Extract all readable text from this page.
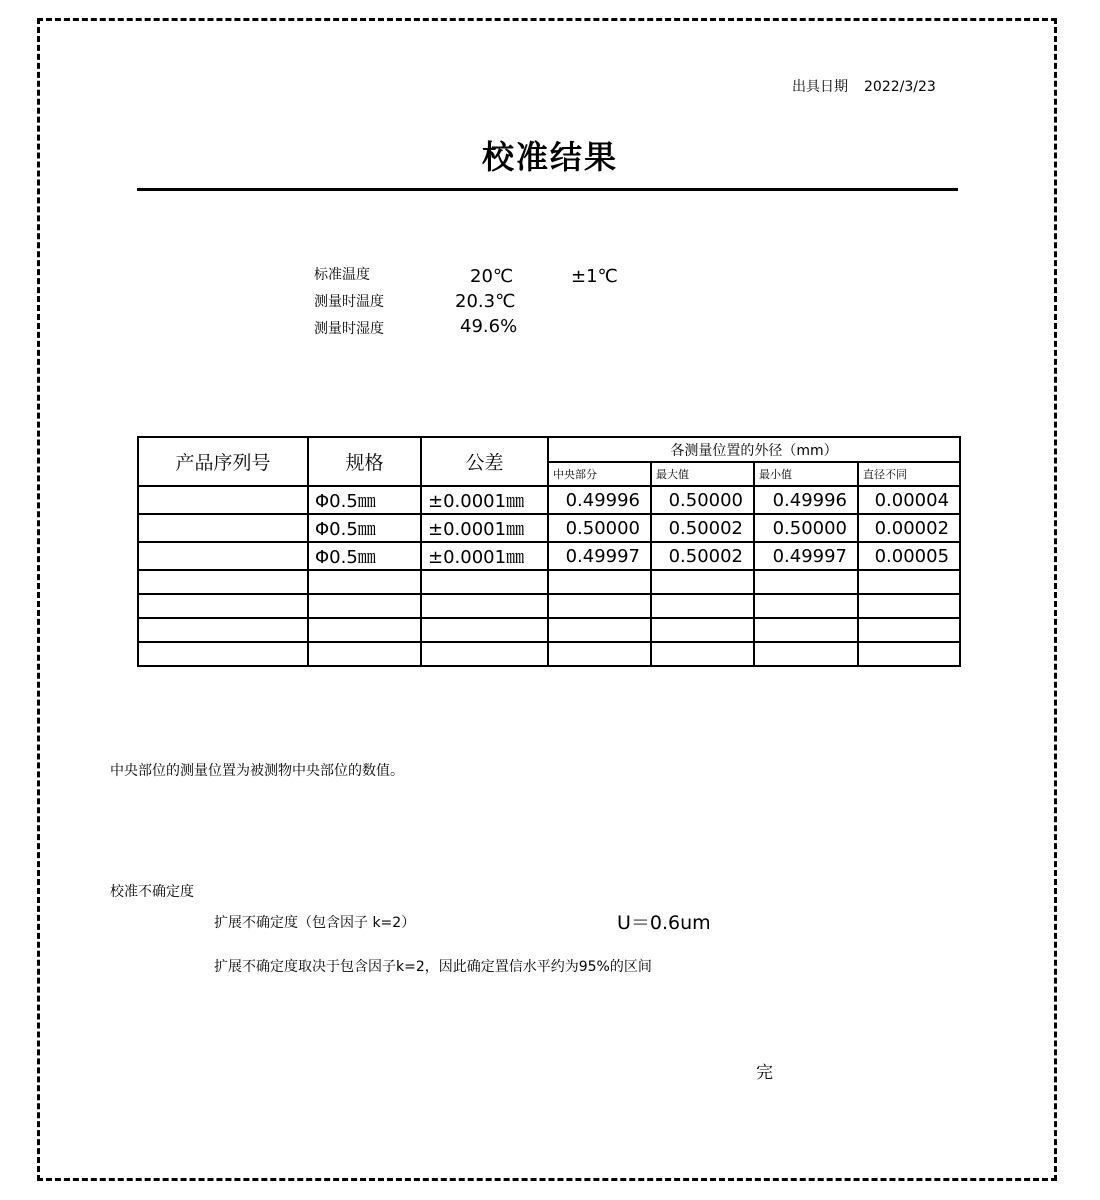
出具日期 2022/3/23
校准结果
标准温度	20℃	±1℃
测量时温度	20.3℃
测量时湿度	49.6%
产品序列号	规格	公差	各测量位置的外径（mm）			
			中央部分	最大值	最小值	直径不同
	Φ0.5㎜	±0.0001㎜	0.49996	0.50000	0.49996	0.00004
	Φ0.5㎜	±0.0001㎜	0.50000	0.50002	0.50000	0.00002
	Φ0.5㎜	±0.0001㎜	0.49997	0.50002	0.49997	0.00005

中央部位的测量位置为被测物中央部位的数值。
校准不确定度
扩展不确定度（包含因子 k=2）	U＝0.6um
扩展不确定度取决于包含因子k=2，因此确定置信水平约为95%的区间
完
